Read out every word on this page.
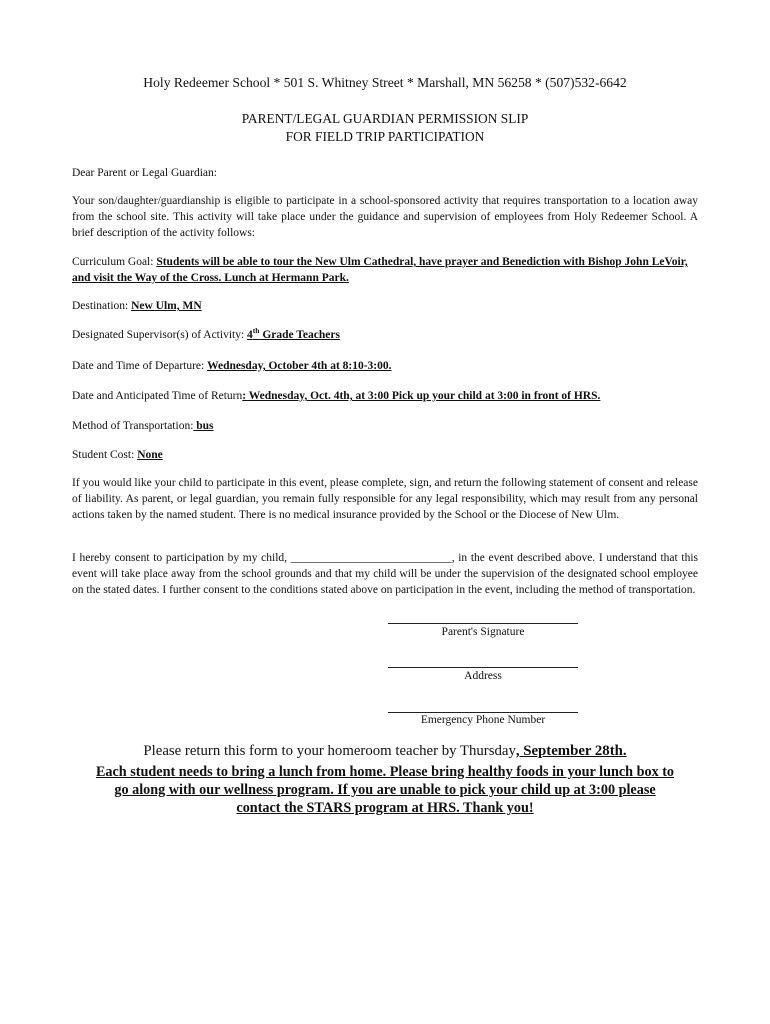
Holy Redeemer School * 501 S. Whitney Street * Marshall, MN 56258 * (507)532-6642
PARENT/LEGAL GUARDIAN PERMISSION SLIP
FOR FIELD TRIP PARTICIPATION
Dear Parent or Legal Guardian:
Your son/daughter/guardianship is eligible to participate in a school-sponsored activity that requires transportation to a location away from the school site. This activity will take place under the guidance and supervision of employees from Holy Redeemer School. A brief description of the activity follows:
Curriculum Goal: Students will be able to tour the New Ulm Cathedral, have prayer and Benediction with Bishop John LeVoir, and visit the Way of the Cross. Lunch at Hermann Park.
Destination: New Ulm, MN
Designated Supervisor(s) of Activity: 4th Grade Teachers
Date and Time of Departure: Wednesday, October 4th at 8:10-3:00.
Date and Anticipated Time of Return: Wednesday, Oct. 4th, at 3:00 Pick up your child at 3:00 in front of HRS.
Method of Transportation: bus
Student Cost: None
If you would like your child to participate in this event, please complete, sign, and return the following statement of consent and release of liability. As parent, or legal guardian, you remain fully responsible for any legal responsibility, which may result from any personal actions taken by the named student. There is no medical insurance provided by the School or the Diocese of New Ulm.
I hereby consent to participation by my child, ____________________________, in the event described above. I understand that this event will take place away from the school grounds and that my child will be under the supervision of the designated school employee on the stated dates. I further consent to the conditions stated above on participation in the event, including the method of transportation.
Parent's Signature
Address
Emergency Phone Number
Please return this form to your homeroom teacher by Thursday, September 28th.
Each student needs to bring a lunch from home. Please bring healthy foods in your lunch box to
go along with our wellness program. If you are unable to pick your child up at 3:00 please
contact the STARS program at HRS. Thank you!
